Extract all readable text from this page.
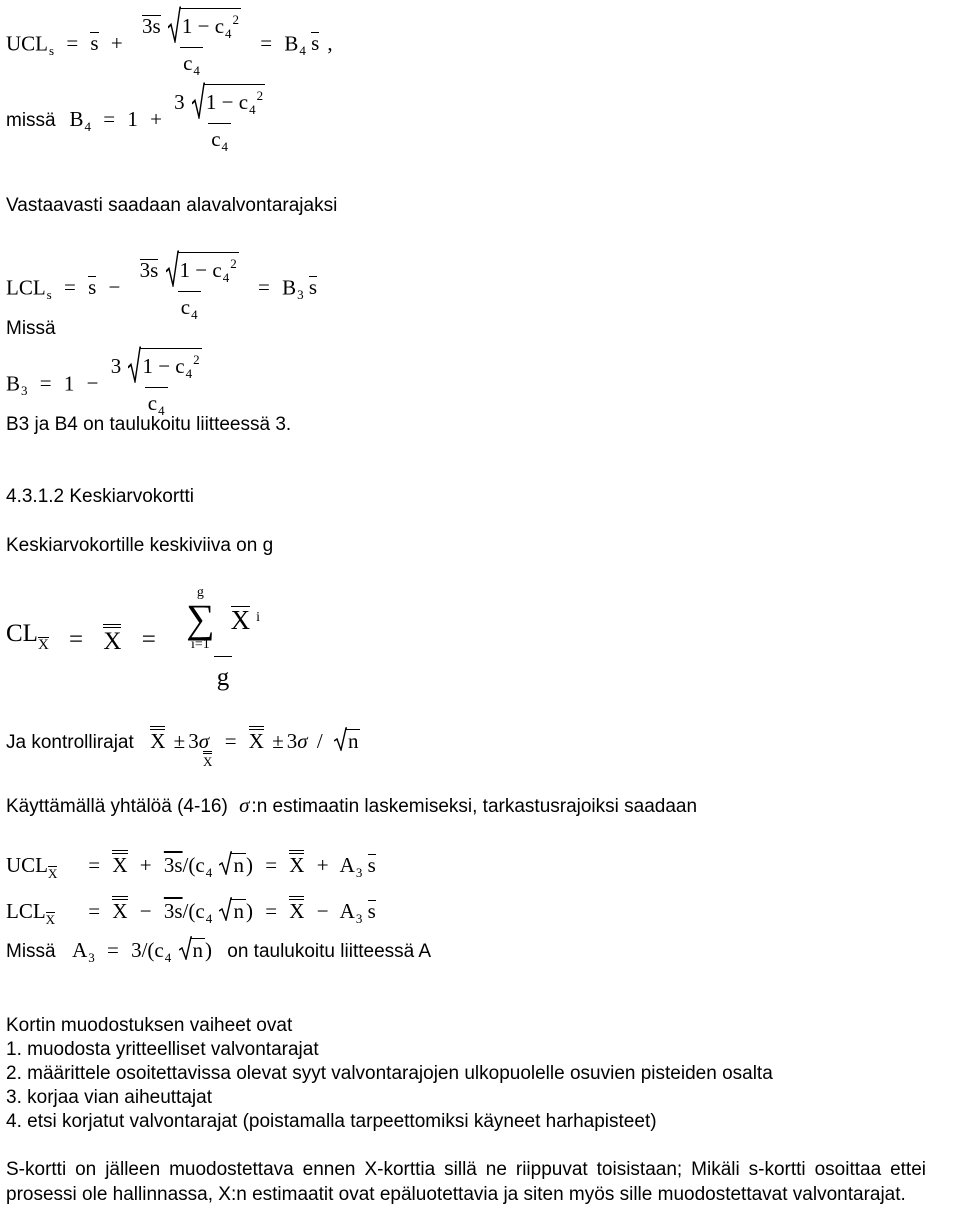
$UCL_s = s + \frac{3s 1 - c_4^2}{c_4} = B_4$ s ,
missä $B_4 = 1 + \frac{3 1 - c_4^2}{c_4}$
Vastaavasti saadaan alavalvontarajaksi
$LCL_s = s - \frac{3s 1 - c_4^2}{c_4} = B_3$ s
Missä
$B_3 = 1 - \frac{3 1 - c_4^2}{c_4}$
B3 ja B4 on taulukoitu liitteessä 3.
4.3.1.2 Keskiarvokortti
Keskiarvokortille keskiviiva on g
$CL_X = X = g$
∑
i=1
X $^i$
g
Ja kontrollirajat X ± 3σX = X ± 3σ / n
Käyttämällä yhtälöä (4-16) σ :n estimaatin laskemiseksi, tarkastusrajoiksi saadaan
$UCL_X = X + 3s/(c_4$ $n) = X + A_3$ s
$LCL_X = X - 3s/(c_4$ $n) = X - A_3$ s
Missä $A_3 = 3/(c_4$ n) on taulukoitu liitteessä A
Kortin muodostuksen vaiheet ovat
1. muodosta yritteelliset valvontarajat
2. määrittele osoitettavissa olevat syyt valvontarajojen ulkopuolelle osuvien pisteiden osalta
3. korjaa vian aiheuttajat
4. etsi korjatut valvontarajat (poistamalla tarpeettomiksi käyneet harhapisteet)
S-kortti on jälleen muodostettava ennen X-korttia sillä ne riippuvat toisistaan; Mikäli s-kortti osoittaa ettei prosessi ole hallinnassa, X:n estimaatit ovat epäluotettavia ja siten myös sille muodostettavat valvontarajat.
